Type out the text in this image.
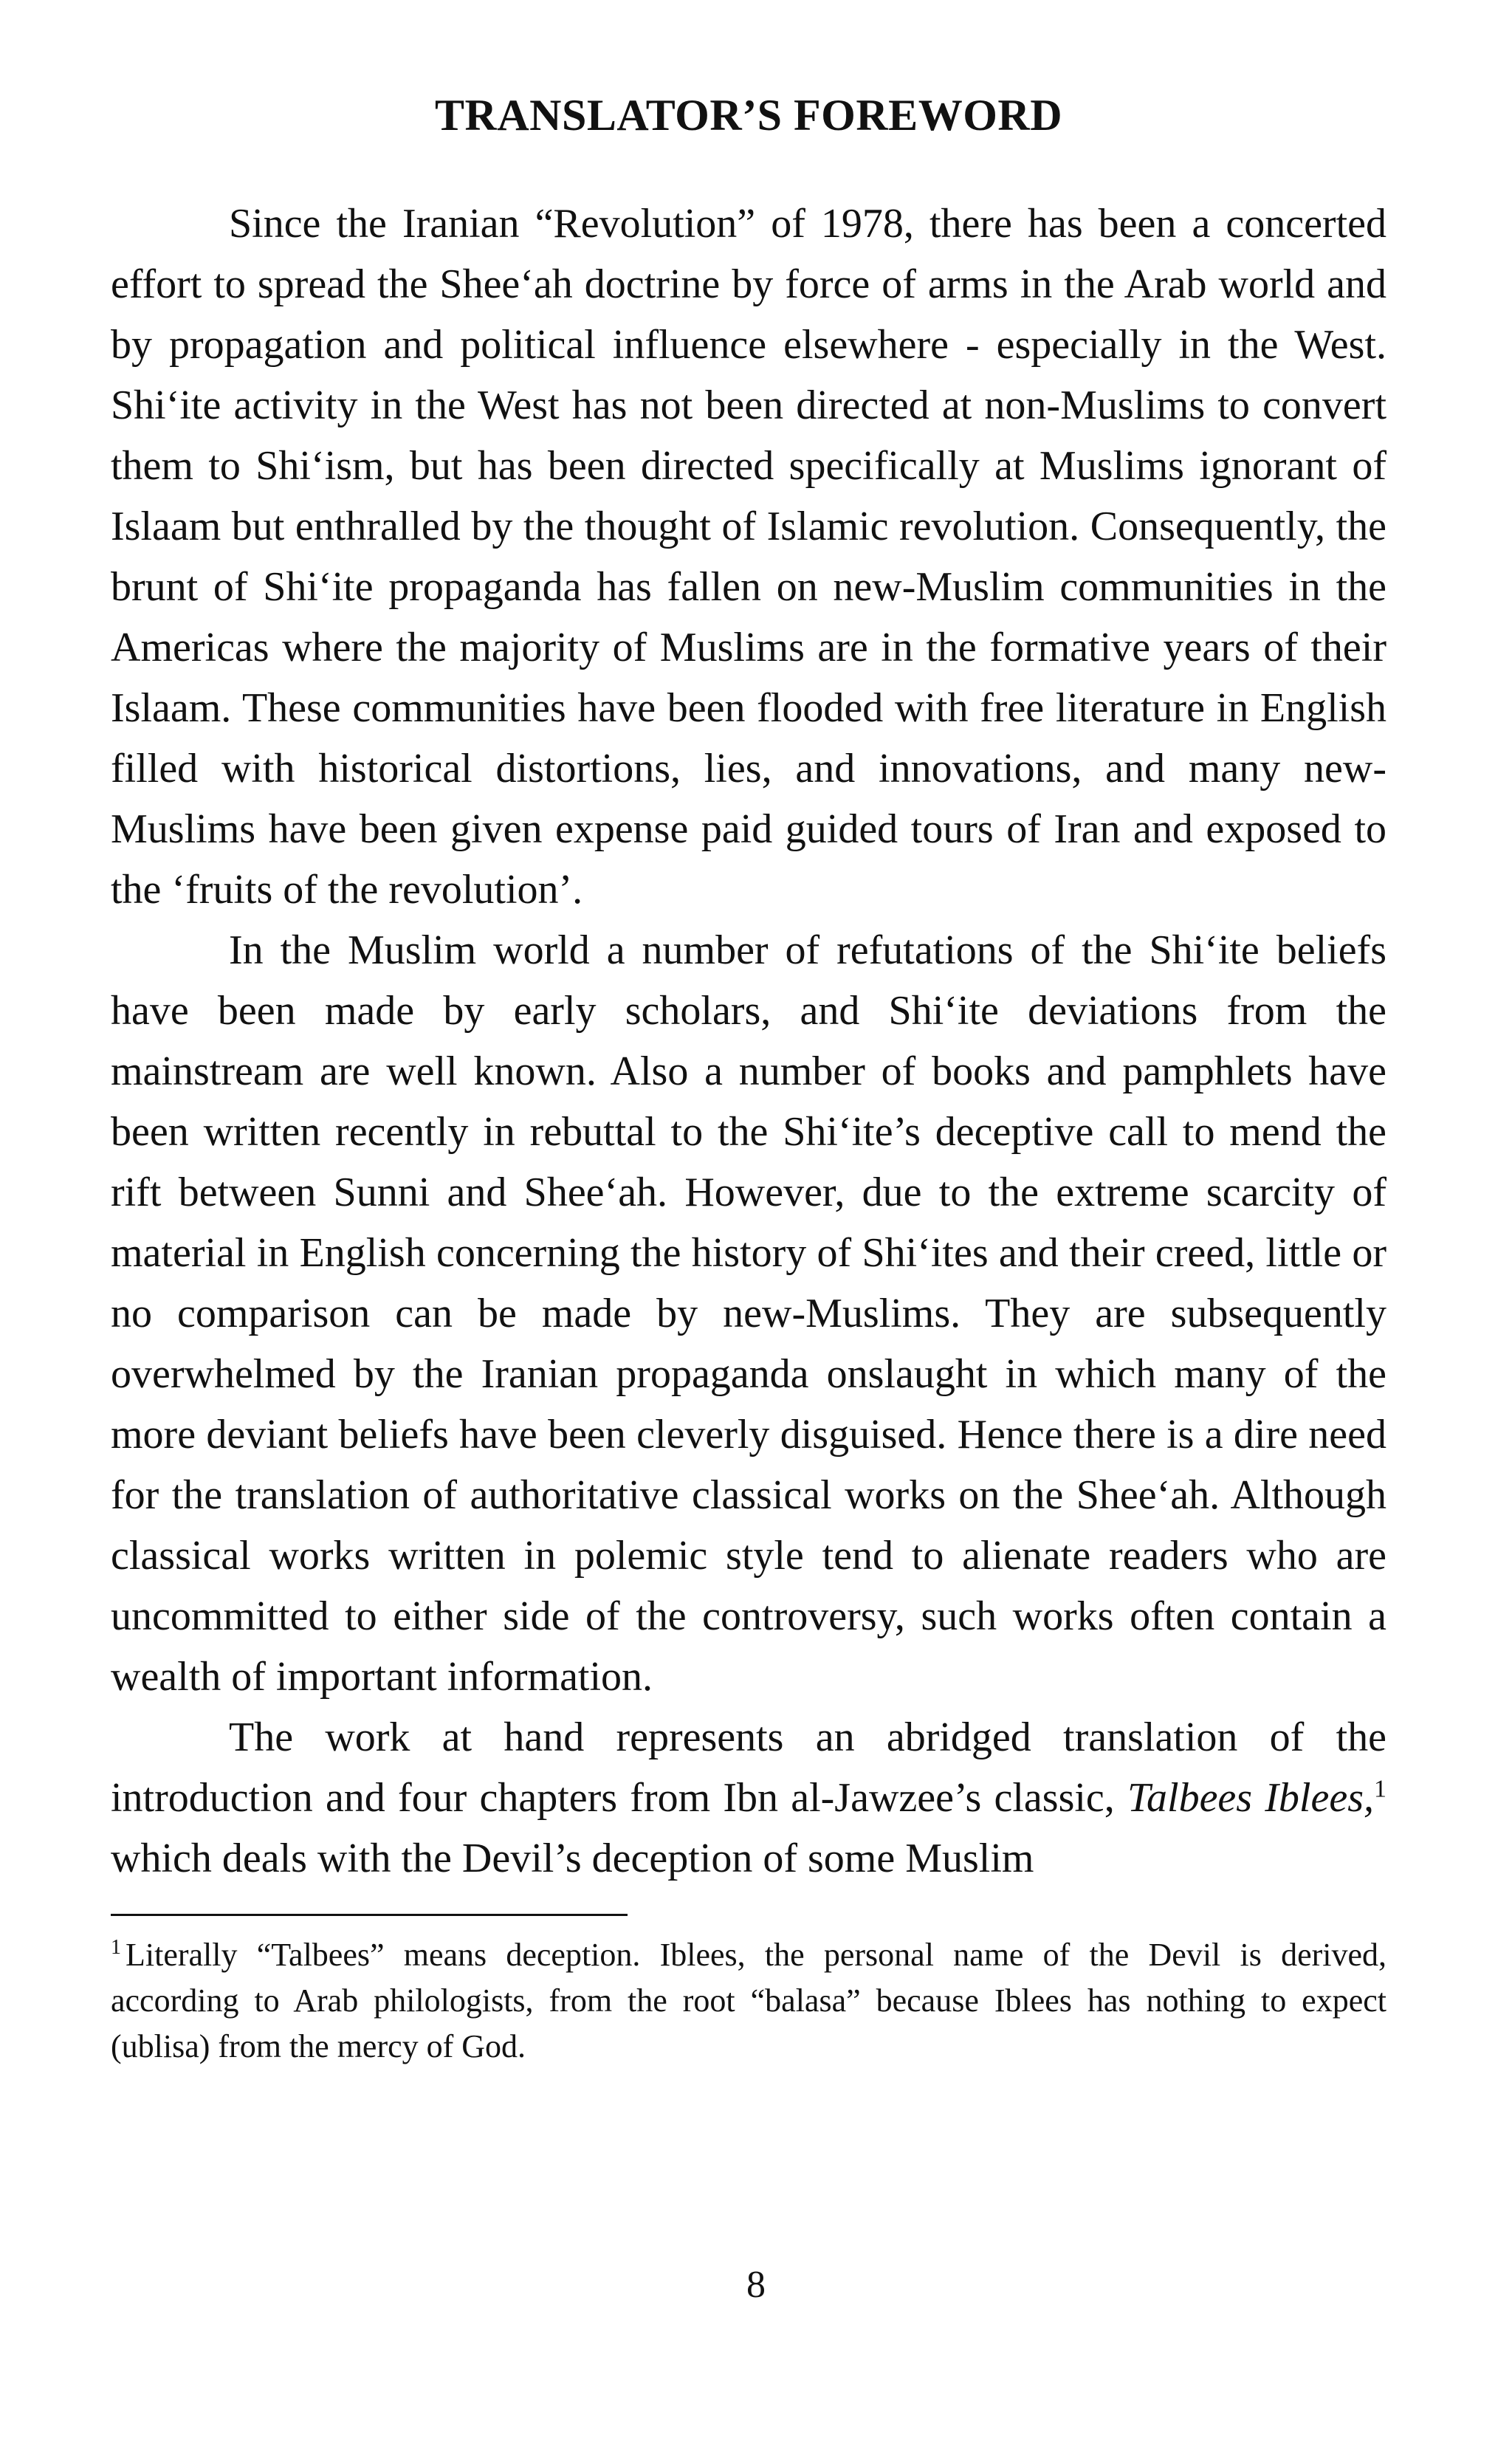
TRANSLATOR’S FOREWORD

Since the Iranian “Revolution” of 1978, there has been a concerted effort to spread the Shee‘ah doctrine by force of arms in the Arab world and by propagation and political influence elsewhere - especially in the West. Shi‘ite activity in the West has not been directed at non-Muslims to convert them to Shi‘ism, but has been directed specifically at Muslims ignorant of Islaam but enthralled by the thought of Islamic revolution. Consequently, the brunt of Shi‘ite propaganda has fallen on new-Muslim communities in the Americas where the majority of Muslims are in the formative years of their Islaam. These communities have been flooded with free literature in English filled with historical distortions, lies, and innovations, and many new-Muslims have been given expense paid guided tours of Iran and exposed to the ‘fruits of the revolution’.

In the Muslim world a number of refutations of the Shi‘ite beliefs have been made by early scholars, and Shi‘ite deviations from the mainstream are well known. Also a number of books and pamphlets have been written recently in rebuttal to the Shi‘ite’s deceptive call to mend the rift between Sunni and Shee‘ah. However, due to the extreme scarcity of material in English concerning the history of Shi‘ites and their creed, little or no comparison can be made by new-Muslims. They are subsequently overwhelmed by the Iranian propaganda onslaught in which many of the more deviant beliefs have been cleverly disguised. Hence there is a dire need for the translation of authoritative classical works on the Shee‘ah. Although classical works written in polemic style tend to alienate readers who are uncommitted to either side of the controversy, such works often contain a wealth of important information.

The work at hand represents an abridged translation of the introduction and four chapters from Ibn al-Jawzee’s classic, Talbees Iblees,$^1$ which deals with the Devil’s deception of some Muslim

$^1$ Literally “Talbees” means deception. Iblees, the personal name of the Devil is derived, according to Arab philologists, from the root “balasa” because Iblees has nothing to expect (ublisa) from the mercy of God.

8
